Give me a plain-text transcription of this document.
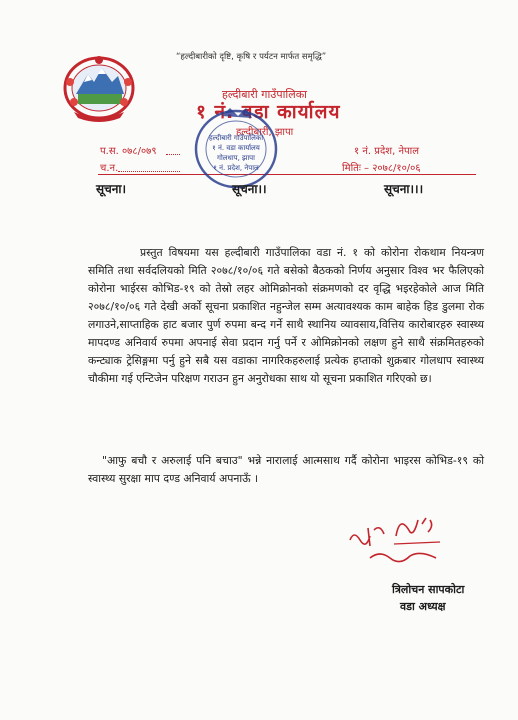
“हल्दीबारीको दृष्टि, कृषि र पर्यटन मार्फत समृद्धि”
हल्दीबारी गाउँपालिका
१ नं. वडा कार्यालय
हल्दीबारी, झापा
प.स. ०७८/०७९
च.न.
१ नं. प्रदेश, नेपाल
मितिः – २०७८/१०/०६
हल्दीबारी गाउँपालिका
१ नं. वडा कार्यालय
गोलधाप, झापा
१ नं. प्रदेश, नेपाल
सूचना।	सूचना।।	सूचना।।।
प्रस्तुत विषयमा यस हल्दीबारी गाउँपालिका वडा नं. १ को कोरोना रोकथाम नियन्त्रण समिति तथा सर्वदलियको मिति २०७८/१०/०६ गते बसेको बैठकको निर्णय अनुसार विश्व भर फैलिएको कोरोना भाईरस कोभिड-१९ को तेस्रो लहर ओमिक्रोनको संक्रमणको दर वृद्धि भइरहेकोले आज मिति २०७८/१०/०६ गते देखी अर्को सूचना प्रकाशित नहुन्जेल सम्म अत्यावश्यक काम बाहेक हिड डुलमा रोक लगाउने,साप्ताहिक हाट बजार पुर्ण रुपमा बन्द गर्ने साथै स्थानिय व्यावसाय,वित्तिय कारोबारहरु स्वास्थ्य मापदण्ड अनिवार्य रुपमा अपनाई सेवा प्रदान गर्नु पर्ने र ओमिक्रोनको लक्षण हुने साथै संक्रमितहरुको कन्ट्याक ट्रेसिङ्गमा पर्नु हुने सबै यस वडाका नागरिकहरुलाई प्रत्येक हप्ताको शुक्रबार गोलधाप स्वास्थ्य चौकीमा गई एन्टिजेन परिक्षण गराउन हुन अनुरोधका साथ यो सूचना प्रकाशित गरिएको छ।
"आफु बचौ र अरुलाई पनि बचाउ" भन्ने नारालाई आत्मसाथ गर्दै कोरोना भाइरस कोभिड-१९ को स्वास्थ्य सुरक्षा माप दण्ड अनिवार्य अपनाऊँ ।
त्रिलोचन सापकोटा
वडा अध्यक्ष
